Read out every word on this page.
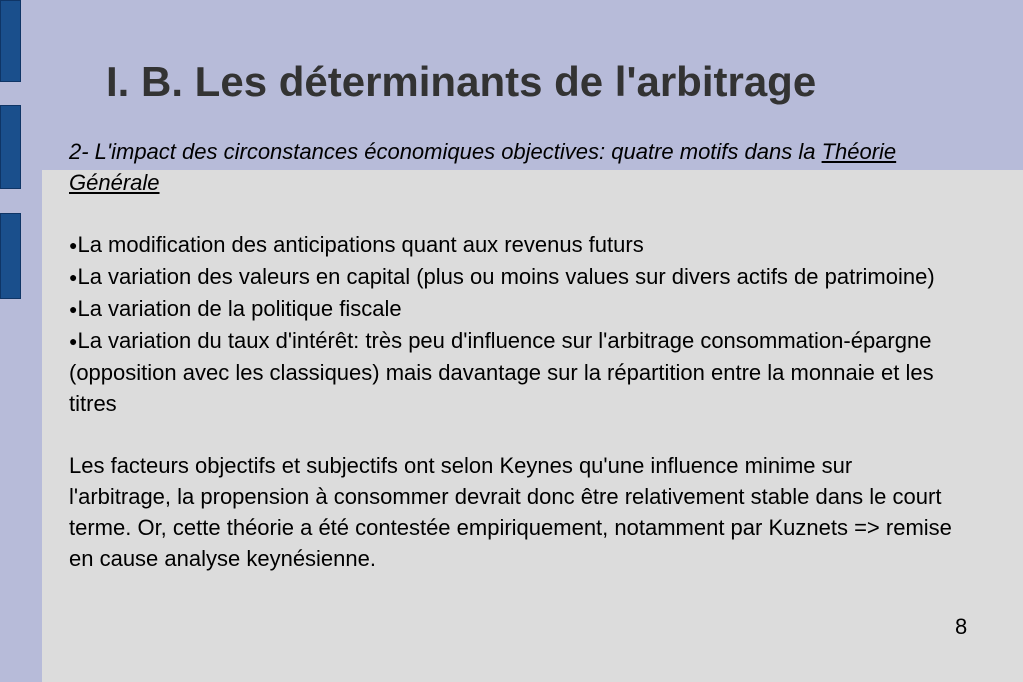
I. B. Les déterminants de l'arbitrage
2- L'impact des circonstances économiques objectives: quatre motifs dans la Théorie Générale
●La modification des anticipations quant aux revenus futurs
●La variation des valeurs en capital (plus ou moins values sur divers actifs de patrimoine)
●La variation de la politique fiscale
●La variation du taux d'intérêt: très peu d'influence sur l'arbitrage consommation-épargne (opposition avec les classiques) mais davantage sur la répartition entre la monnaie et les titres
Les facteurs objectifs et subjectifs ont selon Keynes qu'une influence minime sur l'arbitrage, la propension à consommer devrait donc être relativement stable dans le court terme. Or, cette théorie a été contestée empiriquement, notamment par Kuznets => remise en cause analyse keynésienne.
8
